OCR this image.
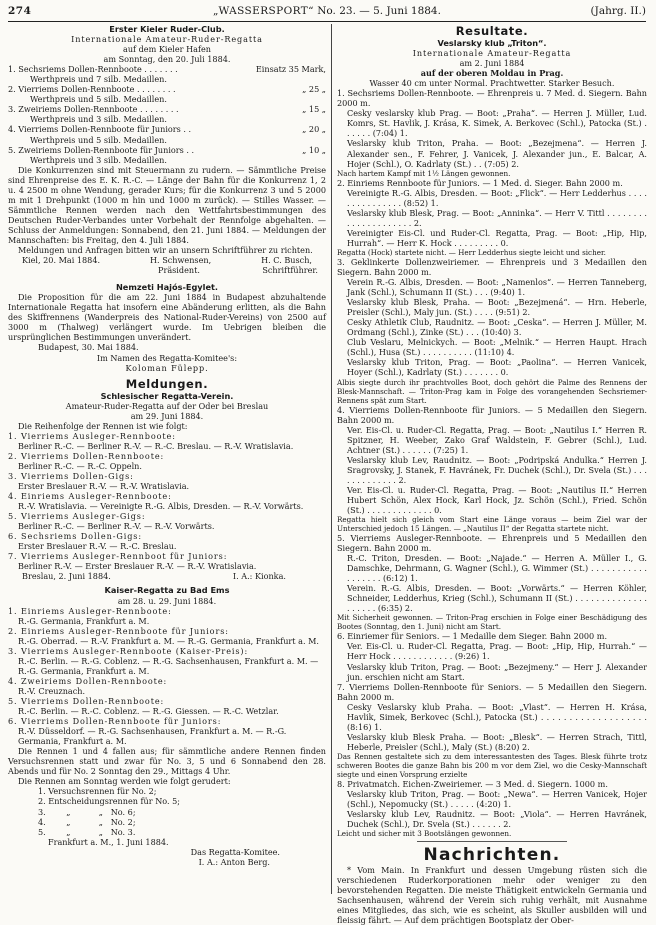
274	„WASSERSPORT“ No. 23. — 5. Juni 1884.	(Jahrg. II.)

Erster Kieler Ruder-Club.

Internationale Amateur-Ruder-Regatta

auf dem Kieler Hafen

am Sonntag, den 20. Juli 1884.

1. Sechsriems Dollen-Rennboote . . . . . . .	Einsatz 35 Mark,

Werthpreis und 7 silb. Medaillen.

2. Vierriems Dollen-Rennboote . . . . . . . .	„ 25 „

Werthpreis und 5 silb. Medaillen.

3. Zweiriems Dollen-Rennboote . . . . . . . .	„ 15 „

Werthpreis und 3 silb. Medaillen.

4. Vierriems Dollen-Rennboote für Juniors . .	„ 20 „

Werthpreis und 5 silb. Medaillen.

5. Zweiriems Dollen-Rennboote für Juniors . .	„ 10 „

Werthpreis und 3 silb. Medaillen.

Die Konkurrenzen sind mit Steuermann zu rudern. — Sämmtliche Preise sind Ehrenpreise des E. K. R.-C. — Länge der Bahn für die Konkurrenz 1, 2 u. 4 2500 m ohne Wendung, gerader Kurs; für die Konkurrenz 3 und 5 2000 m mit 1 Drehpunkt (1000 m hin und 1000 m zurück). — Stilles Wasser. — Sämmtliche Rennen werden nach den Wettfahrtsbestimmungen des Deutschen Ruder-Verbandes unter Vorbehalt der Rennfolge abgehalten. — Schluss der Anmeldungen: Sonnabend, den 21. Juni 1884. — Meldungen der Mannschaften: bis Freitag, den 4. Juli 1884.

Meldungen und Anfragen bitten wir an unsern Schriftführer zu richten.

Kiel, 20. Mai 1884.	H. Schwensen,	H. C. Busch,
Präsident.	Schriftführer.

Nemzeti Hajós-Egylet.

Die Proposition für die am 22. Juni 1884 in Budapest abzuhaltende Internationale Regatta hat insofern eine Abänderung erlitten, als die Bahn des Skiffrennens (Wanderpreis des National-Ruder-Vereins) von 2500 auf 3000 m (Thalweg) verlängert wurde. Im Uebrigen bleiben die ursprünglichen Bestimmungen unverändert.

Budapest, 30. Mai 1884.

Im Namen des Regatta-Komitee's:

Koloman Fülepp.

Meldungen.

Schlesischer Regatta-Verein.

Amateur-Ruder-Regatta auf der Oder bei Breslau

am 29. Juni 1884.

Die Reihenfolge der Rennen ist wie folgt:

1. Vierriems Ausleger-Rennboote:

Berliner R.-C. — Berliner R.-V. — R.-C. Breslau. — R.-V. Wratislavia.

2. Vierriems Dollen-Rennboote:

Berliner R.-C. — R.-C. Oppeln.

3. Vierriems Dollen-Gigs:

Erster Breslauer R.-V. — R.-V. Wratislavia.

4. Einriems Ausleger-Rennboote:

R.-V. Wratislavia. — Vereinigte R.-G. Albis, Dresden. — R.-V. Vorwärts.

5. Vierriems Ausleger-Gigs:

Berliner R.-C. — Berliner R.-V. — R.-V. Vorwärts.

6. Sechsriems Dollen-Gigs:

Erster Breslauer R.-V. — R.-C. Breslau.

7. Vierriems Ausleger-Rennboot für Juniors:

Berliner R.-V. — Erster Breslauer R.-V. — R.-V. Wratislavia.

Breslau, 2. Juni 1884.	I. A.: Kionka.

Kaiser-Regatta zu Bad Ems

am 28. u. 29. Juni 1884.

1. Einriems Ausleger-Rennboote:

R.-G. Germania, Frankfurt a. M.

2. Einriems Ausleger-Rennboote für Juniors:

R.-G. Oberrad. — R.-V. Frankfurt a. M. — R.-G. Germania, Frankfurt a. M.

3. Vierriems Ausleger-Rennboote (Kaiser-Preis):

R.-C. Berlin. — R.-G. Coblenz. — R.-G. Sachsenhausen, Frankfurt a. M. — R.-G. Germania, Frankfurt a. M.

4. Zweiriems Dollen-Rennboote:

R.-V. Creuznach.

5. Vierriems Dollen-Rennboote:

R.-C. Berlin. — R.-C. Coblenz. — R.-G. Giessen. — R.-C. Wetzlar.

6. Vierriems Dollen-Rennboote für Juniors:

R.-V. Düsseldorf. — R.-G. Sachsenhausen, Frankfurt a. M. — R.-G. Germania, Frankfurt a. M.

Die Rennen 1 und 4 fallen aus; für sämmtliche andere Rennen finden Versuchsrennen statt und zwar für No. 3, 5 und 6 Sonnabend den 28. Abends und für No. 2 Sonntag den 29., Mittags 4 Uhr.

Die Rennen am Sonntag werden wie folgt gerudert:

1. Versuchsrennen für No. 2;

2. Entscheidungsrennen für No. 5;

3.        „           „   No. 6;

4.        „           „   No. 2;

5.        „           „   No. 3.

Frankfurt a. M., 1. Juni 1884.

Das Regatta-Komitee.

I. A.: Anton Berg.

Resultate.

Veslarsky klub „Triton“.

Internationale Amateur-Regatta

am 2. Juni 1884

auf der oberen Moldau in Prag.

Wasser 40 cm unter Normal. Prachtwetter. Starker Besuch.

1. Sechsriems Dollen-Rennboote. — Ehrenpreis u. 7 Med. d. Siegern. Bahn 2000 m.

Cesky veslarsky klub Prag. — Boot: „Praha“. — Herren J. Müller, Lud. Komrs, St. Havlik, J. Krása, K. Simek, A. Berkovec (Schl.), Patocka (St.) . . . . . . (7:04) 1.

Veslarsky klub Triton, Praha. — Boot: „Bezejmena“. — Herren J. Alexander sen., F. Fehrer, J. Vanicek, J. Alexander jun., E. Balcar, A. Hojer (Schl.), O. Kadrlaty (St.) . . (7:05) 2.

Nach hartem Kampf mit 1½ Längen gewonnen.

2. Einriems Rennboote für Juniors. — 1 Med. d. Sieger. Bahn 2000 m.

Vereinigte R.-G. Albis, Dresden. — Boot: „Flick“. — Herr Ledderhus . . . . . . . . . . . . . . . (8:52) 1.

Veslarsky klub Blesk, Prag. — Boot: „Anninka“. — Herr V. Tittl . . . . . . . . . . . . . . . . . . . . . 2.

Vereinigter Eis-Cl. und Ruder-Cl. Regatta, Prag. — Boot: „Hip, Hip, Hurrah“. — Herr K. Hock . . . . . . . . . 0.

Regatta (Hock) startete nicht. — Herr Ledderhus siegte leicht und sicher.

3. Geklinkerte Dollenzweiriemer. — Ehrenpreis und 3 Medaillen den Siegern. Bahn 2000 m.

Verein R.-G. Albis, Dresden. — Boot: „Namenlos“. — Herren Tanneberg, Jank (Schl.), Schumann II (St.) . . . (9:40) 1.

Veslarsky klub Blesk, Praha. — Boot: „Bezejmená“. — Hrn. Heberle, Preisler (Schl.), Maly jun. (St.) . . . . (9:51) 2.

Cesky Athletik Club, Raudnitz. — Boot: „Ceska“. — Herren J. Müller, M. Ordmang (Schl.), Zinke (St.) . . . (10:40) 3.

Club Veslaru, Melnickych. — Boot: „Melnik.“ — Herren Haupt. Hrach (Schl.), Husa (St.) . . . . . . . . . . (11:10) 4.

Veslarsky klub Triton, Prag. — Boot: „Paolina“. — Herren Vanicek, Hoyer (Schl.), Kadrlaty (St.) . . . . . . . 0.

Albis siegte durch ihr prachtvolles Boot, doch gehört die Palme des Rennens der Blesk-Mannschaft. — Triton-Prag kam in Folge des vorangehenden Sechsriemer-Rennens spät zum Start.

4. Vierriems Dollen-Rennboote für Juniors. — 5 Medaillen den Siegern. Bahn 2000 m.

Ver. Eis-Cl. u. Ruder-Cl. Regatta, Prag. — Boot: „Nautilus I.“ Herren R. Spitzner, H. Weeber, Zako Graf Waldstein, F. Gebrer (Schl.), Lud. Achtner (St.) . . . . . . (7:25) 1.

Veslarsky klub Lev, Raudnitz. — Boot: „Podripská Andulka.“ Herren J. Sragrovsky, J. Stanek, F. Havránek, Fr. Duchek (Schl.), Dr. Svela (St.) . . . . . . . . . . . . . 2.

Ver. Eis-Cl. u. Ruder-Cl. Regatta, Prag. — Boot: „Nautilus II.“ Herren Hubert Schön, Alex Hock, Karl Hock, Jz. Schön (Schl.), Fried. Schön (St.) . . . . . . . . . . . . . 0.

Regatta hielt sich gleich vom Start eine Länge voraus — beim Ziel war der Unterschied jedoch 15 Längen. — „Nautilus II“ der Regatta startete nicht.

5. Vierriems Ausleger-Rennboote. — Ehrenpreis und 5 Medaillen den Siegern. Bahn 2000 m.

R.-C. Triton, Dresden. — Boot: „Najade.“ — Herren A. Müller I., G. Damschke, Dehrmann, G. Wagner (Schl.), G. Wimmer (St.) . . . . . . . . . . . . . . . . . . (6:12) 1.

Verein. R.-G. Albis, Dresden. — Boot: „Vorwärts.“ — Herren Köhler, Schneider, Ledderhus, Krieg (Schl.), Schumann II (St.) . . . . . . . . . . . . . . . . . . . . (6:35) 2.

Mit Sicherheit gewonnen. — Triton-Prag erschien in Folge einer Beschädigung des Bootes (Sonntag, den 1. Juni) nicht am Start.

6. Einriemer für Seniors. — 1 Medaille dem Sieger. Bahn 2000 m.

Ver. Eis-Cl. u. Ruder-Cl. Regatta, Prag. — Boot: „Hip, Hip, Hurrah.“ — Herr Hock . . . . . . . . . . . . (9:26) 1.

Veslarsky klub Triton, Prag. — Boot: „Bezejmeny.“ — Herr J. Alexander jun. erschien nicht am Start.

7. Vierriems Dollen-Rennboote für Seniors. — 5 Medaillen den Siegern. Bahn 2000 m.

Cesky Veslarsky klub Praha. — Boot: „Vlast“. — Herren H. Krása, Havlik, Simek, Berkovec (Schl.), Patocka (St.) . . . . . . . . . . . . . . . . . . . (8:16) 1.

Veslarsky klub Blesk Praha. — Boot: „Blesk“. — Herren Strach, Tittl, Heberle, Preisler (Schl.), Maly (St.) (8:20) 2.

Das Rennen gestaltete sich zu dem interessantesten des Tages. Blesk führte trotz schweren Bootes die ganze Bahn bis 200 m vor dem Ziel, wo die Cesky-Mannschaft siegte und einen Vorsprung erzielte

8. Privatmatch. Eichen-Zweiriemer. — 3 Med. d. Siegern. 1000 m.

Veslarsky klub Triton, Prag. — Boot: „Newa“. — Herren Vanicek, Hojer (Schl.), Nepomucky (St.) . . . . . (4:20) 1.

Veslarsky klub Lev, Raudnitz. — Boot: „Viola“. — Herren Havránek, Duchek (Schl.), Dr. Svela (St.) . . . . . . 2.

Leicht und sicher mit 3 Bootslängen gewonnen.

Nachrichten.

* Vom Main. In Frankfurt und dessen Umgebung rüsten sich die verschiedenen Ruderkorporationen mehr oder weniger zu den bevorstehenden Regatten. Die meiste Thätigkeit entwickeln Germania und Sachsenhausen, während der Verein sich ruhig verhält, mit Ausnahme eines Mitgliedes, das sich, wie es scheint, als Skuller ausbilden will und fleissig fährt. — Auf dem prächtigen Bootsplatz der Ober-
